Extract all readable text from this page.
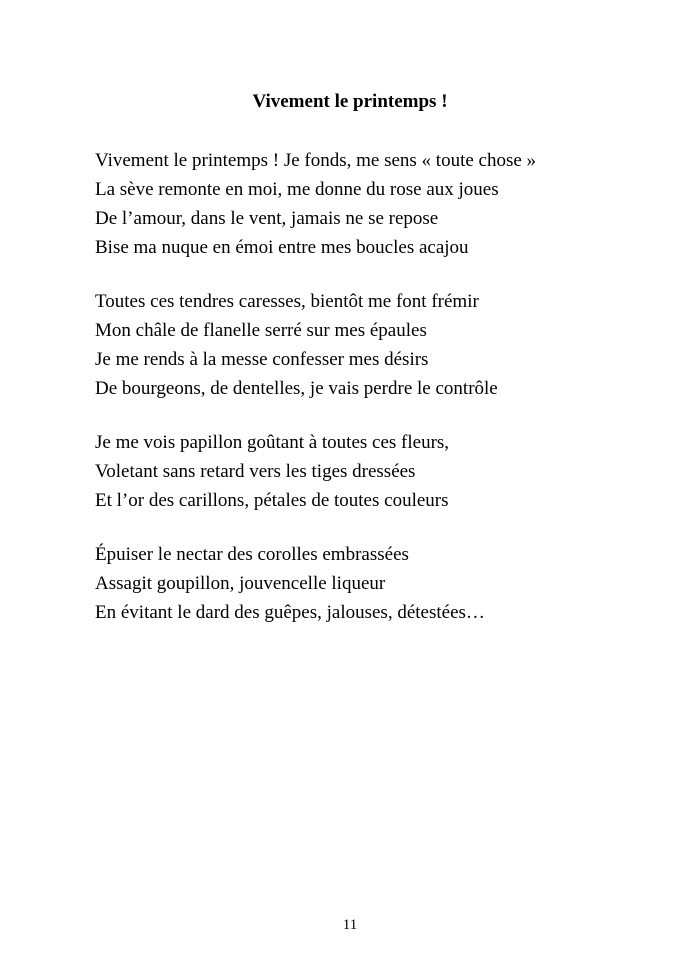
Vivement le printemps !
Vivement le printemps ! Je fonds, me sens « toute chose »
La sève remonte en moi, me donne du rose aux joues
De l’amour, dans le vent, jamais ne se repose
Bise ma nuque en émoi entre mes boucles acajou
Toutes ces tendres caresses, bientôt me font frémir
Mon châle de flanelle serré sur mes épaules
Je me rends à la messe confesser mes désirs
De bourgeons, de dentelles, je vais perdre le contrôle
Je me vois papillon goûtant à toutes ces fleurs,
Voletant sans retard vers les tiges dressées
Et l’or des carillons, pétales de toutes couleurs
Épuiser le nectar des corolles embrassées
Assagit goupillon, jouvencelle liqueur
En évitant le dard des guêpes, jalouses, détestées…
11
